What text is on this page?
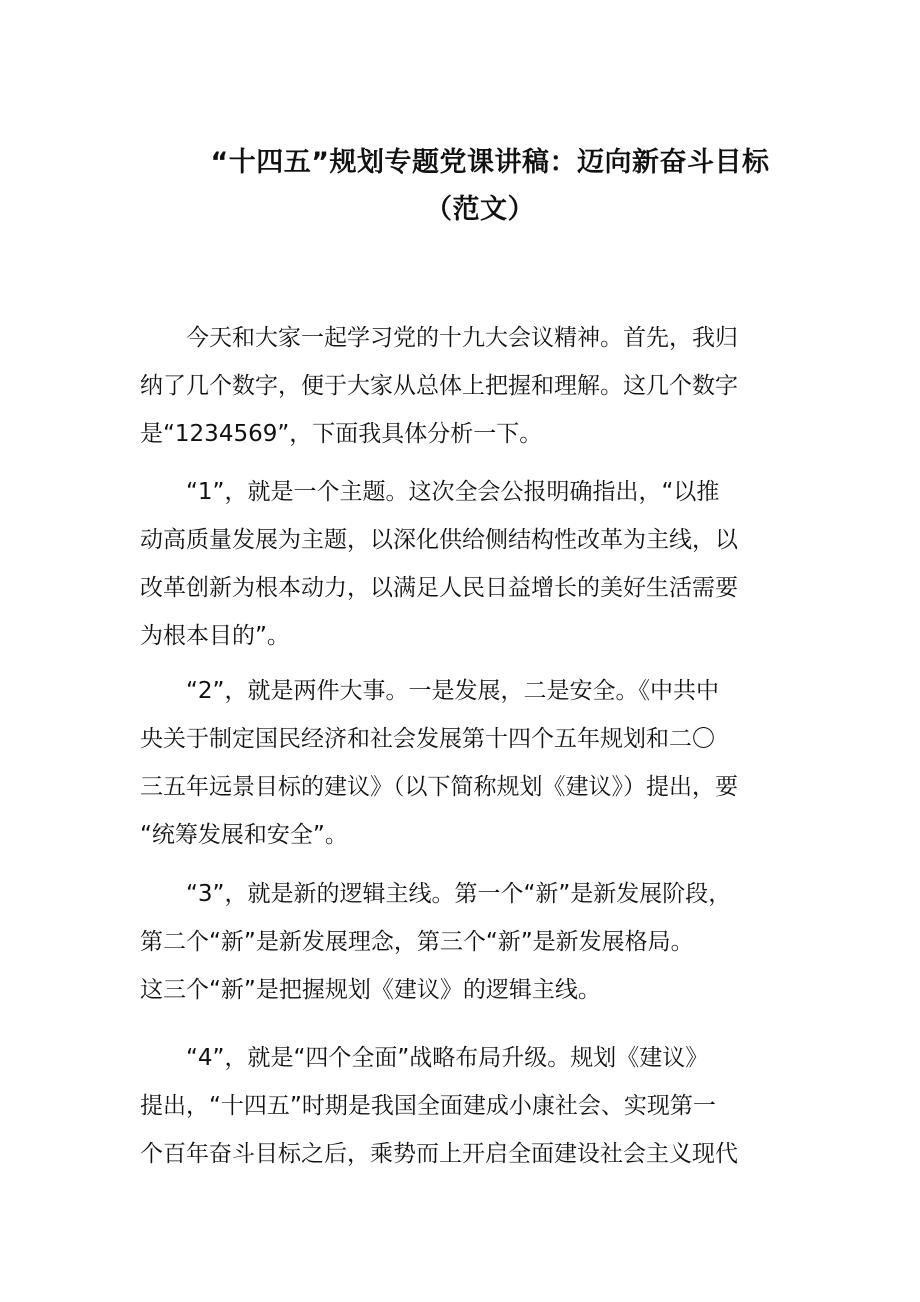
“十四五”规划专题党课讲稿：迈向新奋斗目标
（范文）

今天和大家一起学习党的十九大会议精神。首先，我归
纳了几个数字，便于大家从总体上把握和理解。这几个数字
是“1234569”，下面我具体分析一下。

“1”，就是一个主题。这次全会公报明确指出，“以推
动高质量发展为主题，以深化供给侧结构性改革为主线，以
改革创新为根本动力，以满足人民日益增长的美好生活需要
为根本目的”。

“2”，就是两件大事。一是发展，二是安全。《中共中
央关于制定国民经济和社会发展第十四个五年规划和二〇
三五年远景目标的建议》（以下简称规划《建议》）提出，要
“统筹发展和安全”。

“3”，就是新的逻辑主线。第一个“新”是新发展阶段，
第二个“新”是新发展理念，第三个“新”是新发展格局。
这三个“新”是把握规划《建议》的逻辑主线。

“4”，就是“四个全面”战略布局升级。规划《建议》
提出，“十四五”时期是我国全面建成小康社会、实现第一
个百年奋斗目标之后，乘势而上开启全面建设社会主义现代
